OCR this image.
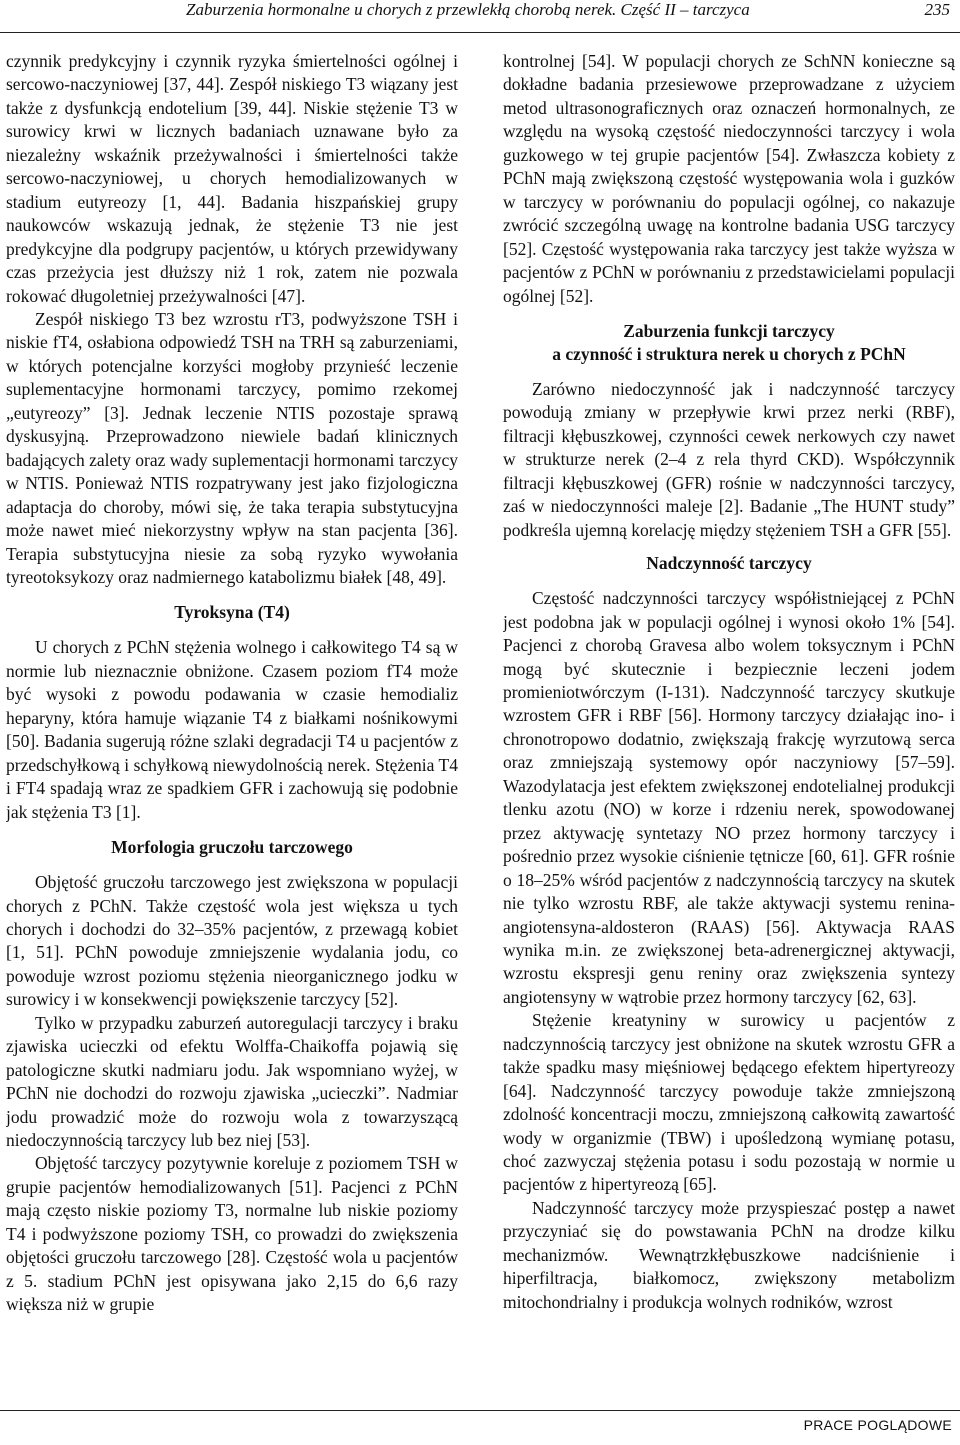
Zaburzenia hormonalne u chorych z przewlekłą chorobą nerek. Część II – tarczyca	235

czynnik predykcyjny i czynnik ryzyka śmiertelności ogólnej i sercowo-naczyniowej [37, 44]. Zespół niskiego T3 wiązany jest także z dysfunkcją endotelium [39, 44]. Niskie stężenie T3 w surowicy krwi w licznych badaniach uznawane było za niezależny wskaźnik przeżywalności i śmiertelności także sercowo-naczyniowej, u chorych hemodializowanych w stadium eutyreozy [1, 44]. Badania hiszpańskiej grupy naukowców wskazują jednak, że stężenie T3 nie jest predykcyjne dla podgrupy pacjentów, u których przewidywany czas przeżycia jest dłuższy niż 1 rok, zatem nie pozwala rokować długoletniej przeżywalności [47].

Zespół niskiego T3 bez wzrostu rT3, podwyższone TSH i niskie fT4, osłabiona odpowiedź TSH na TRH są zaburzeniami, w których potencjalne korzyści mogłoby przynieść leczenie suplementacyjne hormonami tarczycy, pomimo rzekomej „eutyreozy” [3]. Jednak leczenie NTIS pozostaje sprawą dyskusyjną. Przeprowadzono niewiele badań klinicznych badających zalety oraz wady suplementacji hormonami tarczycy w NTIS. Ponieważ NTIS rozpatrywany jest jako fizjologiczna adaptacja do choroby, mówi się, że taka terapia substytucyjna może nawet mieć niekorzystny wpływ na stan pacjenta [36]. Terapia substytucyjna niesie za sobą ryzyko wywołania tyreotoksykozy oraz nadmiernego katabolizmu białek [48, 49].

Tyroksyna (T4)

U chorych z PChN stężenia wolnego i całkowitego T4 są w normie lub nieznacznie obniżone. Czasem poziom fT4 może być wysoki z powodu podawania w czasie hemodializ heparyny, która hamuje wiązanie T4 z białkami nośnikowymi [50]. Badania sugerują różne szlaki degradacji T4 u pacjentów z przedschyłkową i schyłkową niewydolnością nerek. Stężenia T4 i FT4 spadają wraz ze spadkiem GFR i zachowują się podobnie jak stężenia T3 [1].

Morfologia gruczołu tarczowego

Objętość gruczołu tarczowego jest zwiększona w populacji chorych z PChN. Także częstość wola jest większa u tych chorych i dochodzi do 32–35% pacjentów, z przewagą kobiet [1, 51]. PChN powoduje zmniejszenie wydalania jodu, co powoduje wzrost poziomu stężenia nieorganicznego jodku w surowicy i w konsekwencji powiększenie tarczycy [52].

Tylko w przypadku zaburzeń autoregulacji tarczycy i braku zjawiska ucieczki od efektu Wolffa-Chaikoffa pojawią się patologiczne skutki nadmiaru jodu. Jak wspomniano wyżej, w PChN nie dochodzi do rozwoju zjawiska „ucieczki”. Nadmiar jodu prowadzić może do rozwoju wola z towarzyszącą niedoczynnością tarczycy lub bez niej [53].

Objętość tarczycy pozytywnie koreluje z poziomem TSH w grupie pacjentów hemodializowanych [51]. Pacjenci z PChN mają często niskie poziomy T3, normalne lub niskie poziomy T4 i podwyższone poziomy TSH, co prowadzi do zwiększenia objętości gruczołu tarczowego [28]. Częstość wola u pacjentów z 5. stadium PChN jest opisywana jako 2,15 do 6,6 razy większa niż w grupie

kontrolnej [54]. W populacji chorych ze SchNN konieczne są dokładne badania przesiewowe przeprowadzane z użyciem metod ultrasonograficznych oraz oznaczeń hormonalnych, ze względu na wysoką częstość niedoczynności tarczycy i wola guzkowego w tej grupie pacjentów [54]. Zwłaszcza kobiety z PChN mają zwiększoną częstość występowania wola i guzków w tarczycy w porównaniu do populacji ogólnej, co nakazuje zwrócić szczególną uwagę na kontrolne badania USG tarczycy [52]. Częstość występowania raka tarczycy jest także wyższa w pacjentów z PChN w porównaniu z przedstawicielami populacji ogólnej [52].

Zaburzenia funkcji tarczycy
a czynność i struktura nerek u chorych z PChN

Zarówno niedoczynność jak i nadczynność tarczycy powodują zmiany w przepływie krwi przez nerki (RBF), filtracji kłębuszkowej, czynności cewek nerkowych czy nawet w strukturze nerek (2–4 z rela thyrd CKD). Współczynnik filtracji kłębuszkowej (GFR) rośnie w nadczynności tarczycy, zaś w niedoczynności maleje [2]. Badanie „The HUNT study” podkreśla ujemną korelację między stężeniem TSH a GFR [55].

Nadczynność tarczycy

Częstość nadczynności tarczycy współistniejącej z PChN jest podobna jak w populacji ogólnej i wynosi około 1% [54]. Pacjenci z chorobą Gravesa albo wolem toksycznym i PChN mogą być skutecznie i bezpiecznie leczeni jodem promieniotwórczym (I-131). Nadczynność tarczycy skutkuje wzrostem GFR i RBF [56]. Hormony tarczycy działając ino- i chronotropowo dodatnio, zwiększają frakcję wyrzutową serca oraz zmniejszają systemowy opór naczyniowy [57–59]. Wazodylatacja jest efektem zwiększonej endotelialnej produkcji tlenku azotu (NO) w korze i rdzeniu nerek, spowodowanej przez aktywację syntetazy NO przez hormony tarczycy i pośrednio przez wysokie ciśnienie tętnicze [60, 61]. GFR rośnie o 18–25% wśród pacjentów z nadczynnością tarczycy na skutek nie tylko wzrostu RBF, ale także aktywacji systemu renina-angiotensyna-aldosteron (RAAS) [56]. Aktywacja RAAS wynika m.in. ze zwiększonej beta-adrenergicznej aktywacji, wzrostu ekspresji genu reniny oraz zwiększenia syntezy angiotensyny w wątrobie przez hormony tarczycy [62, 63].

Stężenie kreatyniny w surowicy u pacjentów z nadczynnością tarczycy jest obniżone na skutek wzrostu GFR a także spadku masy mięśniowej będącego efektem hipertyreozy [64]. Nadczynność tarczycy powoduje także zmniejszoną zdolność koncentracji moczu, zmniejszoną całkowitą zawartość wody w organizmie (TBW) i upośledzoną wymianę potasu, choć zazwyczaj stężenia potasu i sodu pozostają w normie u pacjentów z hipertyreozą [65].

Nadczynność tarczycy może przyspieszać postęp a nawet przyczyniać się do powstawania PChN na drodze kilku mechanizmów. Wewnątrzkłębuszkowe nadciśnienie i hiperfiltracja, białkomocz, zwiększony metabolizm mitochondrialny i produkcja wolnych rodników, wzrost

PRACE POGLĄDOWE
